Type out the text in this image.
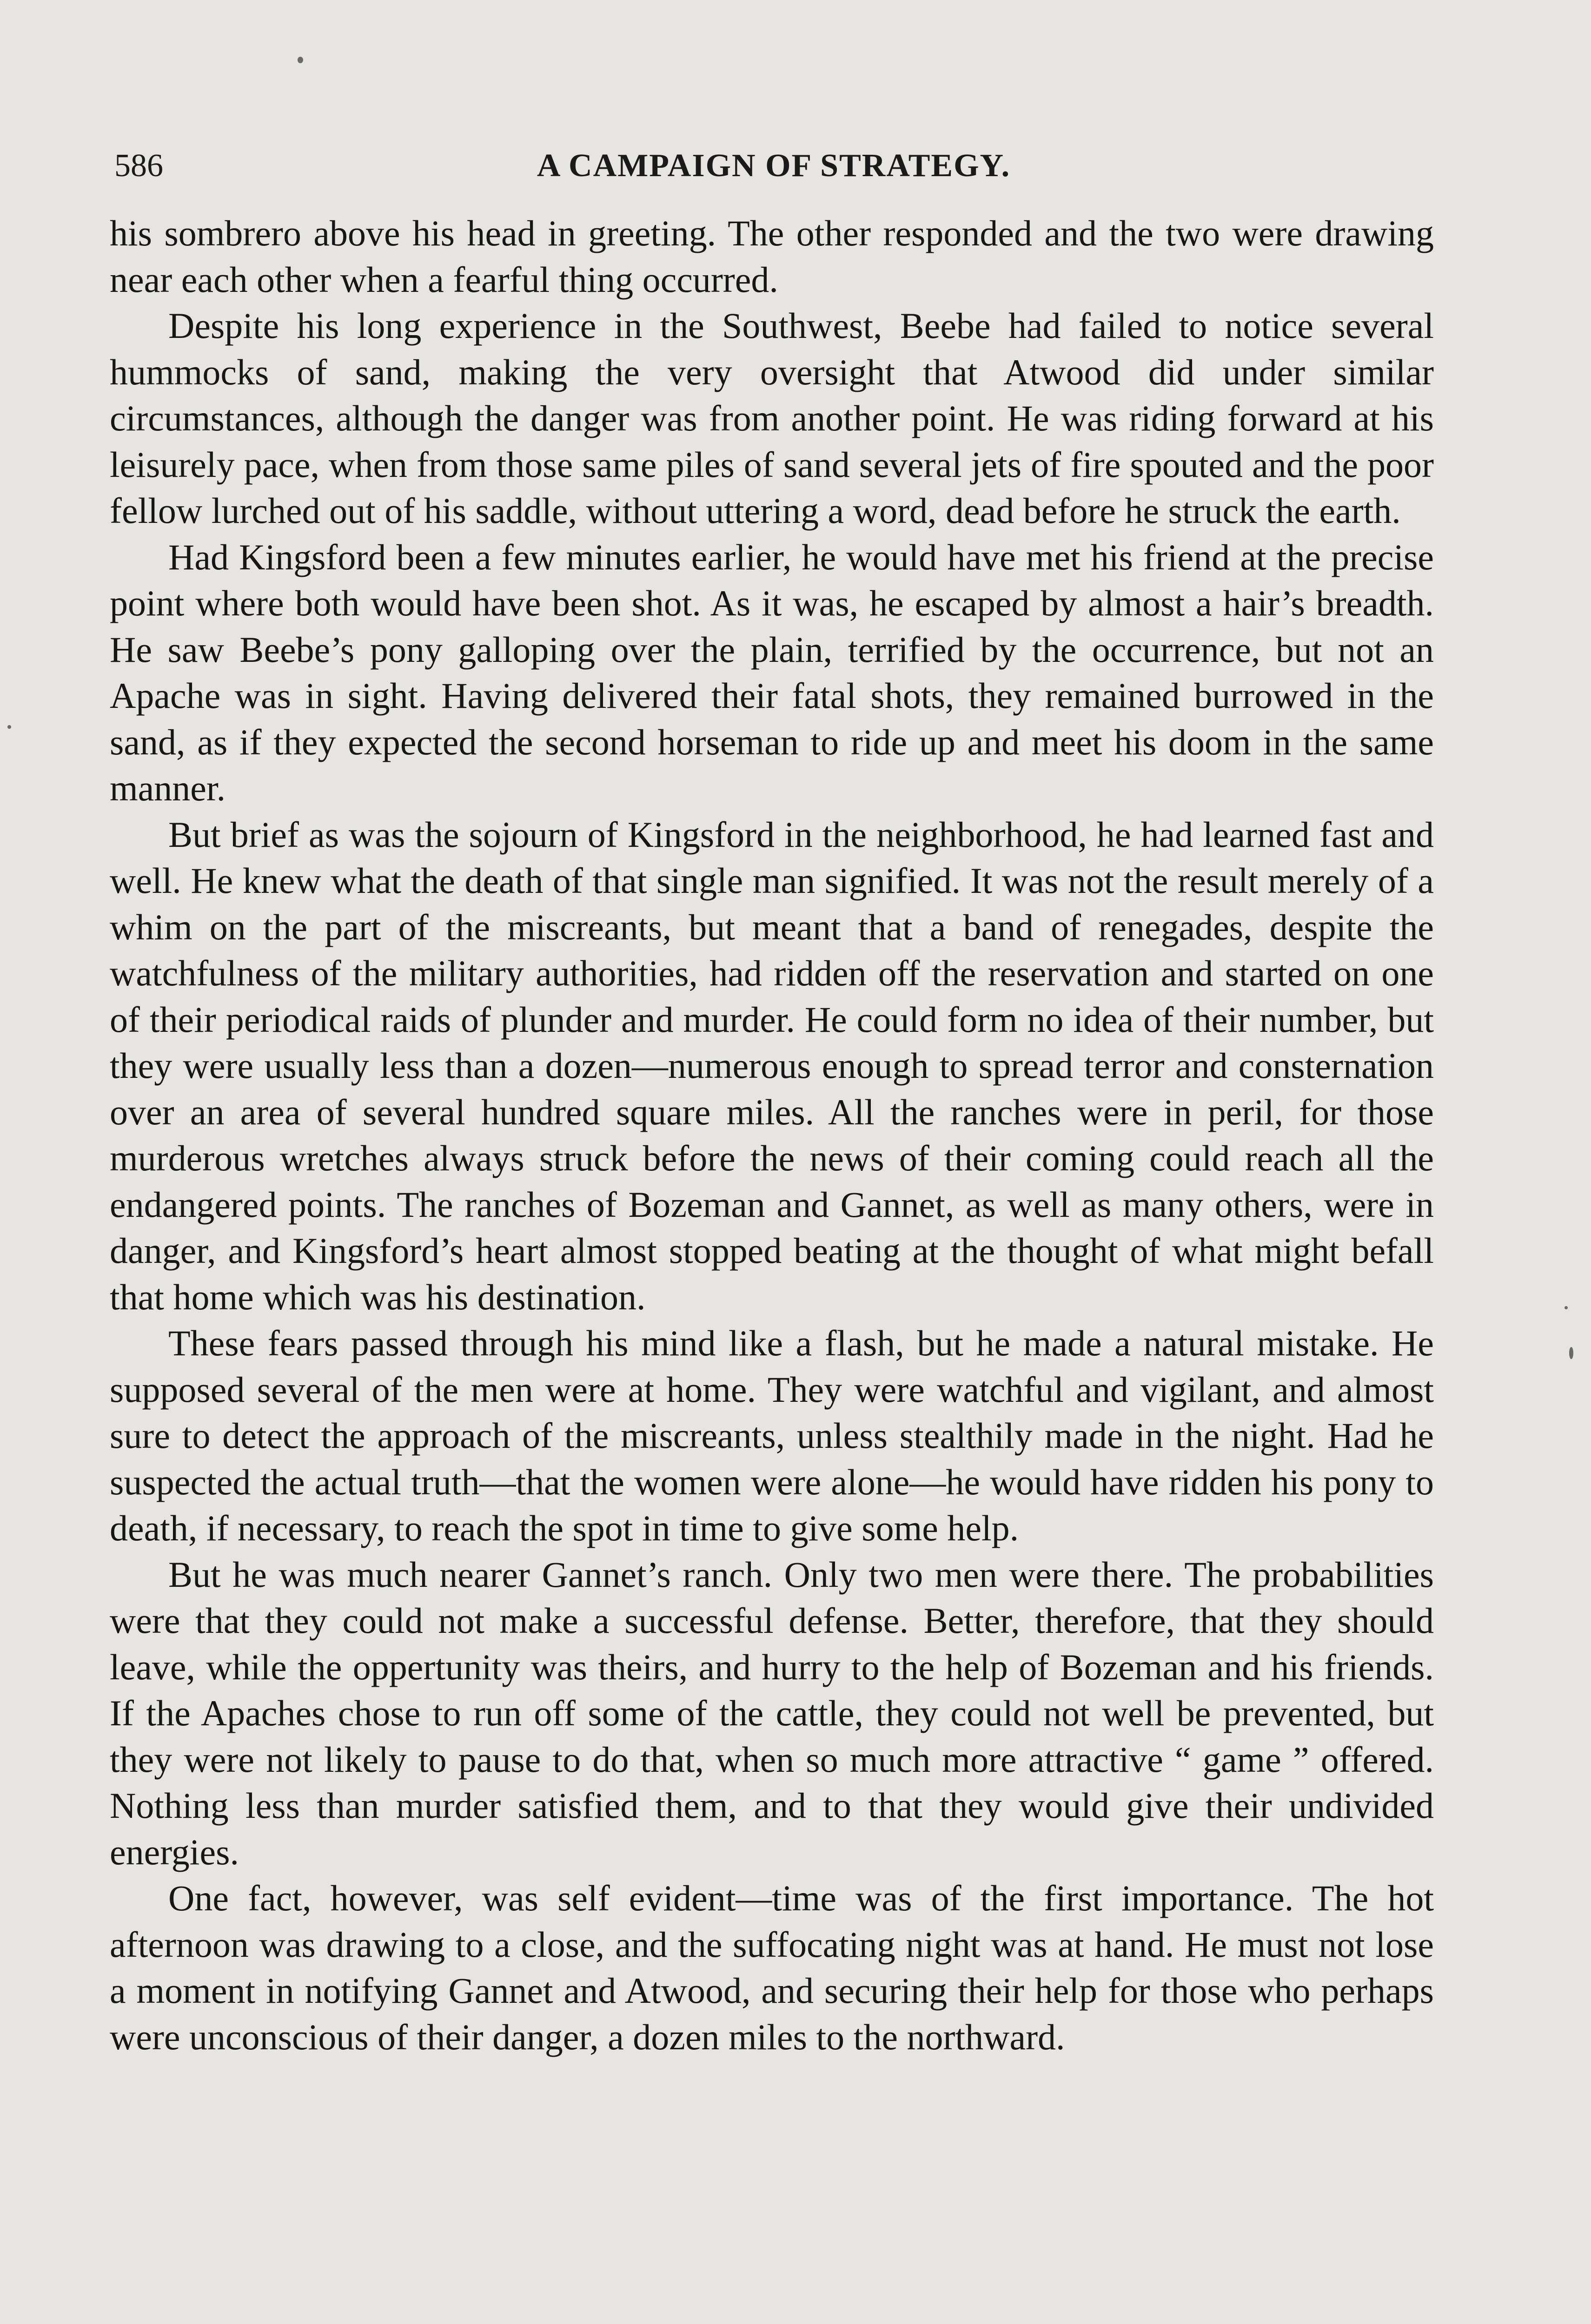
586	A CAMPAIGN OF STRATEGY.

his sombrero above his head in greeting. The other responded and the two were drawing near each other when a fearful thing occurred.

Despite his long experience in the Southwest, Beebe had failed to notice several hummocks of sand, making the very oversight that Atwood did under similar circumstances, although the danger was from another point. He was riding forward at his leisurely pace, when from those same piles of sand several jets of fire spouted and the poor fellow lurched out of his saddle, without uttering a word, dead before he struck the earth.

Had Kingsford been a few minutes earlier, he would have met his friend at the precise point where both would have been shot. As it was, he escaped by almost a hair’s breadth. He saw Beebe’s pony galloping over the plain, terrified by the occurrence, but not an Apache was in sight. Having delivered their fatal shots, they remained burrowed in the sand, as if they expected the second horseman to ride up and meet his doom in the same manner.

But brief as was the sojourn of Kingsford in the neighborhood, he had learned fast and well. He knew what the death of that single man signified. It was not the result merely of a whim on the part of the miscreants, but meant that a band of renegades, despite the watchfulness of the military authorities, had ridden off the reservation and started on one of their periodical raids of plunder and murder. He could form no idea of their number, but they were usually less than a dozen—numerous enough to spread terror and consternation over an area of several hundred square miles. All the ranches were in peril, for those murderous wretches always struck before the news of their coming could reach all the endangered points. The ranches of Bozeman and Gannet, as well as many others, were in danger, and Kingsford’s heart almost stopped beating at the thought of what might befall that home which was his destination.

These fears passed through his mind like a flash, but he made a natural mistake. He supposed several of the men were at home. They were watchful and vigilant, and almost sure to detect the approach of the miscreants, unless stealthily made in the night. Had he suspected the actual truth—that the women were alone—he would have ridden his pony to death, if necessary, to reach the spot in time to give some help.

But he was much nearer Gannet’s ranch. Only two men were there. The probabilities were that they could not make a successful defense. Better, therefore, that they should leave, while the oppertunity was theirs, and hurry to the help of Bozeman and his friends. If the Apaches chose to run off some of the cattle, they could not well be prevented, but they were not likely to pause to do that, when so much more attractive “ game ” offered. Nothing less than murder satisfied them, and to that they would give their undivided energies.

One fact, however, was self evident—time was of the first importance. The hot afternoon was drawing to a close, and the suffocating night was at hand. He must not lose a moment in notifying Gannet and Atwood, and securing their help for those who perhaps were unconscious of their danger, a dozen miles to the northward.
